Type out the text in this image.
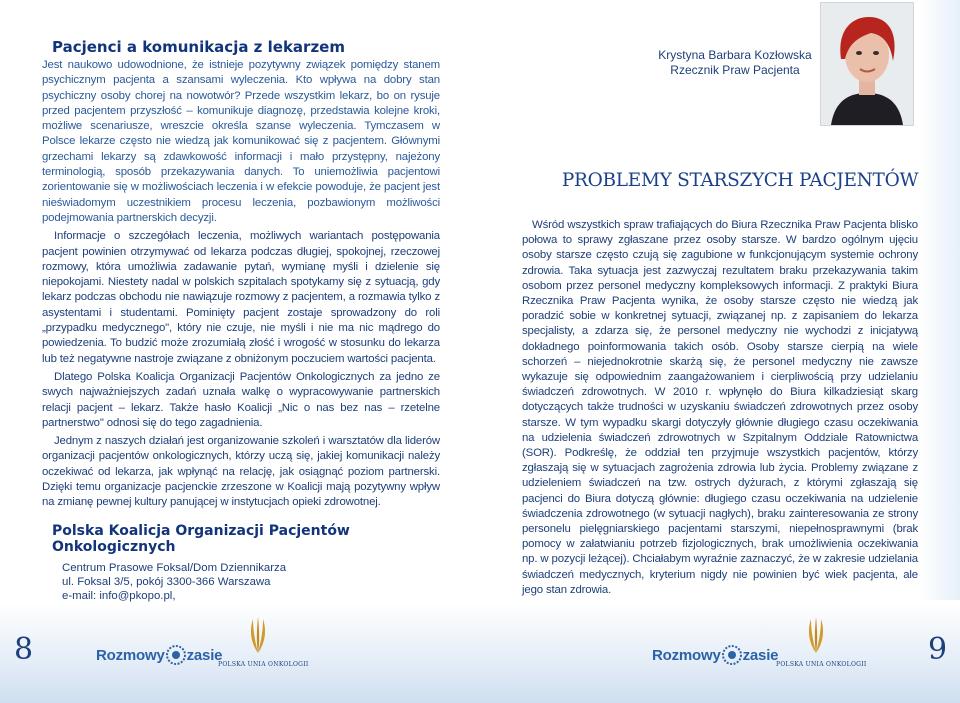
Pacjenci a komunikacja z lekarzem

Jest naukowo udowodnione, że istnieje pozytywny związek pomiędzy stanem psychicznym pacjenta a szansami wyleczenia. Kto wpływa na dobry stan psychiczny osoby chorej na nowotwór? Przede wszystkim lekarz, bo on rysuje przed pacjentem przyszłość – komunikuje diagnozę, przedstawia kolejne kroki, możliwe scenariusze, wreszcie określa szanse wyleczenia. Tymczasem w Polsce lekarze często nie wiedzą jak komunikować się z pacjentem. Głównymi grzechami lekarzy są zdawkowość informacji i mało przystępny, najeżony terminologią, sposób przekazywania danych. To uniemożliwia pacjentowi zorientowanie się w możliwościach leczenia i w efekcie powoduje, że pacjent jest nieświadomym uczestnikiem procesu leczenia, pozbawionym możliwości podejmowania partnerskich decyzji.

Informacje o szczegółach leczenia, możliwych wariantach postępowania pacjent powinien otrzymywać od lekarza podczas długiej, spokojnej, rzeczowej rozmowy, która umożliwia zadawanie pytań, wymianę myśli i dzielenie się niepokojami. Niestety nadal w polskich szpitalach spotykamy się z sytuacją, gdy lekarz podczas obchodu nie nawiązuje rozmowy z pacjentem, a rozmawia tylko z asystentami i studentami. Pominięty pacjent zostaje sprowadzony do roli „przypadku medycznego", który nie czuje, nie myśli i nie ma nic mądrego do powiedzenia. To budzić może zrozumiałą złość i wrogość w stosunku do lekarza lub też negatywne nastroje związane z obniżonym poczuciem wartości pacjenta.

Dlatego Polska Koalicja Organizacji Pacjentów Onkologicznych za jedno ze swych najważniejszych zadań uznała walkę o wypracowywanie partnerskich relacji pacjent – lekarz. Także hasło Koalicji „Nic o nas bez nas – rzetelne partnerstwo" odnosi się do tego zagadnienia.

Jednym z naszych działań jest organizowanie szkoleń i warsztatów dla liderów organizacji pacjentów onkologicznych, którzy uczą się, jakiej komunikacji należy oczekiwać od lekarza, jak wpłynąć na relację, jak osiągnąć poziom partnerski. Dzięki temu organizacje pacjenckie zrzeszone w Koalicji mają pozytywny wpływ na zmianę pewnej kultury panującej w instytucjach opieki zdrowotnej.

Polska Koalicja Organizacji Pacjentów Onkologicznych
Centrum Prasowe Foksal/Dom Dziennikarza
ul. Foksal 3/5, pokój 3300-366 Warszawa
e-mail: info@pkopo.pl,
Krystyna Barbara Kozłowska
Rzecznik Praw Pacjenta
PROBLEMY STARSZYCH PACJENTÓW

Wśród wszystkich spraw trafiających do Biura Rzecznika Praw Pacjenta blisko połowa to sprawy zgłaszane przez osoby starsze. W bardzo ogólnym ujęciu osoby starsze często czują się zagubione w funkcjonującym systemie ochrony zdrowia. Taka sytuacja jest zazwyczaj rezultatem braku przekazywania takim osobom przez personel medyczny kompleksowych informacji. Z praktyki Biura Rzecznika Praw Pacjenta wynika, że osoby starsze często nie wiedzą jak poradzić sobie w konkretnej sytuacji, związanej np. z zapisaniem do lekarza specjalisty, a zdarza się, że personel medyczny nie wychodzi z inicjatywą dokładnego poinformowania takich osób. Osoby starsze cierpią na wiele schorzeń – niejednokrotnie skarżą się, że personel medyczny nie zawsze wykazuje się odpowiednim zaangażowaniem i cierpliwością przy udzielaniu świadczeń zdrowotnych. W 2010 r. wpłynęło do Biura kilkadziesiąt skarg dotyczących także trudności w uzyskaniu świadczeń zdrowotnych przez osoby starsze. W tym wypadku skargi dotyczyły głównie długiego czasu oczekiwania na udzielenia świadczeń zdrowotnych w Szpitalnym Oddziale Ratownictwa (SOR). Podkreślę, że oddział ten przyjmuje wszystkich pacjentów, którzy zgłaszają się w sytuacjach zagrożenia zdrowia lub życia. Problemy związane z udzieleniem świadczeń na tzw. ostrych dyżurach, z którymi zgłaszają się pacjenci do Biura dotyczą głównie: długiego czasu oczekiwania na udzielenie świadczenia zdrowotnego (w sytuacji nagłych), braku zainteresowania ze strony personelu pielęgniarskiego pacjentami starszymi, niepełnosprawnymi (brak pomocy w załatwianiu potrzeb fizjologicznych, brak umożliwienia oczekiwania np. w pozycji leżącej). Chciałabym wyraźnie zaznaczyć, że w zakresie udzielania świadczeń medycznych, kryterium nigdy nie powinien być wiek pacjenta, ale jego stan zdrowia.

8	9
Rozmowy zasie
POLSKA UNIA ONKOLOGII
Rozmowy zasie
POLSKA UNIA ONKOLOGII
